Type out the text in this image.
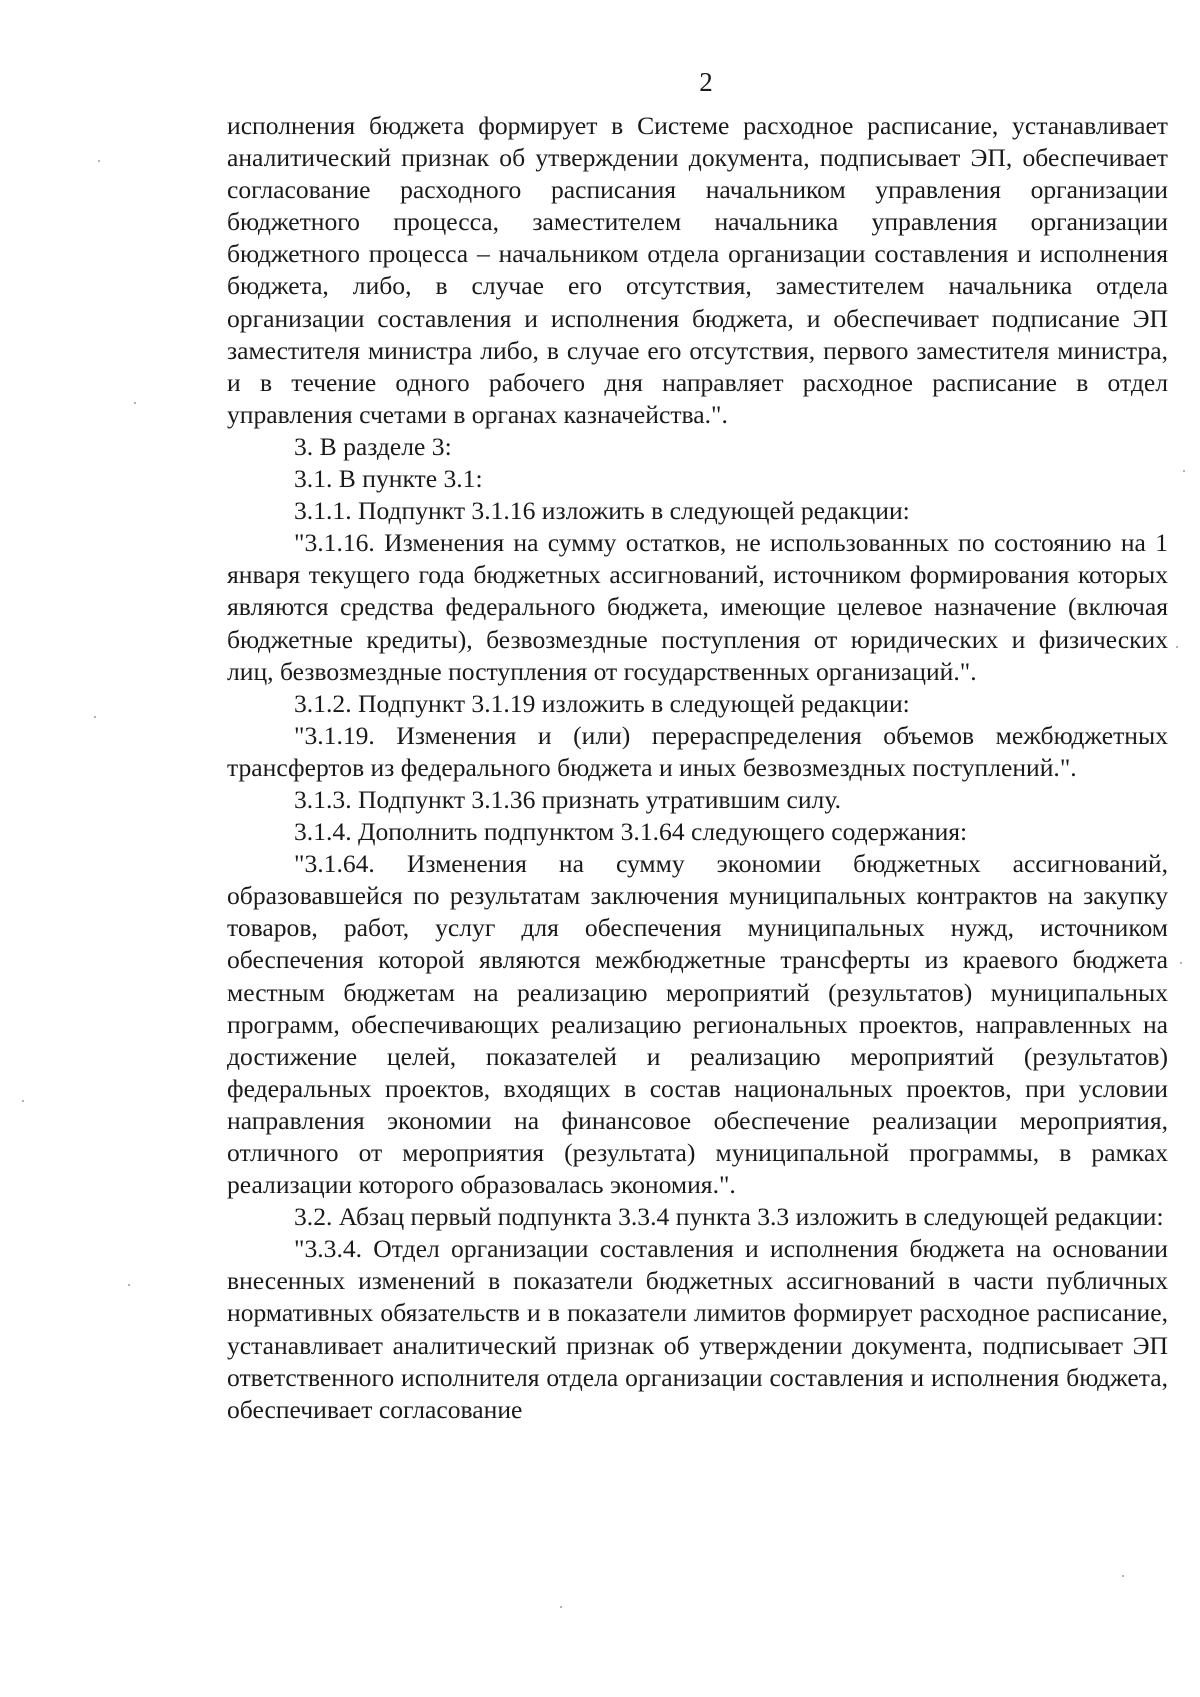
2

исполнения бюджета формирует в Системе расходное расписание, устанавливает аналитический признак об утверждении документа, подписывает ЭП, обеспечивает согласование расходного расписания начальником управления организации бюджетного процесса, заместителем начальника управления организации бюджетного процесса – начальником отдела организации составления и исполнения бюджета, либо, в случае его отсутствия, заместителем начальника отдела организации составления и исполнения бюджета, и обеспечивает подписание ЭП заместителя министра либо, в случае его отсутствия, первого заместителя министра, и в течение одного рабочего дня направляет расходное расписание в отдел управления счетами в органах казначейства.".

3. В разделе 3:

3.1. В пункте 3.1:

3.1.1. Подпункт 3.1.16 изложить в следующей редакции:

"3.1.16. Изменения на сумму остатков, не использованных по состоянию на 1 января текущего года бюджетных ассигнований, источником формирования которых являются средства федерального бюджета, имеющие целевое назначение (включая бюджетные кредиты), безвозмездные поступления от юридических и физических лиц, безвозмездные поступления от государственных организаций.".

3.1.2. Подпункт 3.1.19 изложить в следующей редакции:

"3.1.19. Изменения и (или) перераспределения объемов межбюджетных трансфертов из федерального бюджета и иных безвозмездных поступлений.".

3.1.3. Подпункт 3.1.36 признать утратившим силу.

3.1.4. Дополнить подпунктом 3.1.64 следующего содержания:

"3.1.64. Изменения на сумму экономии бюджетных ассигнований, образовавшейся по результатам заключения муниципальных контрактов на закупку товаров, работ, услуг для обеспечения муниципальных нужд, источником обеспечения которой являются межбюджетные трансферты из краевого бюджета местным бюджетам на реализацию мероприятий (результатов) муниципальных программ, обеспечивающих реализацию региональных проектов, направленных на достижение целей, показателей и реализацию мероприятий (результатов) федеральных проектов, входящих в состав национальных проектов, при условии направления экономии на финансовое обеспечение реализации мероприятия, отличного от мероприятия (результата) муниципальной программы, в рамках реализации которого образовалась экономия.".

3.2. Абзац первый подпункта 3.3.4 пункта 3.3 изложить в следующей редакции:

"3.3.4. Отдел организации составления и исполнения бюджета на основании внесенных изменений в показатели бюджетных ассигнований в части публичных нормативных обязательств и в показатели лимитов формирует расходное расписание, устанавливает аналитический признак об утверждении документа, подписывает ЭП ответственного исполнителя отдела организации составления и исполнения бюджета, обеспечивает согласование
